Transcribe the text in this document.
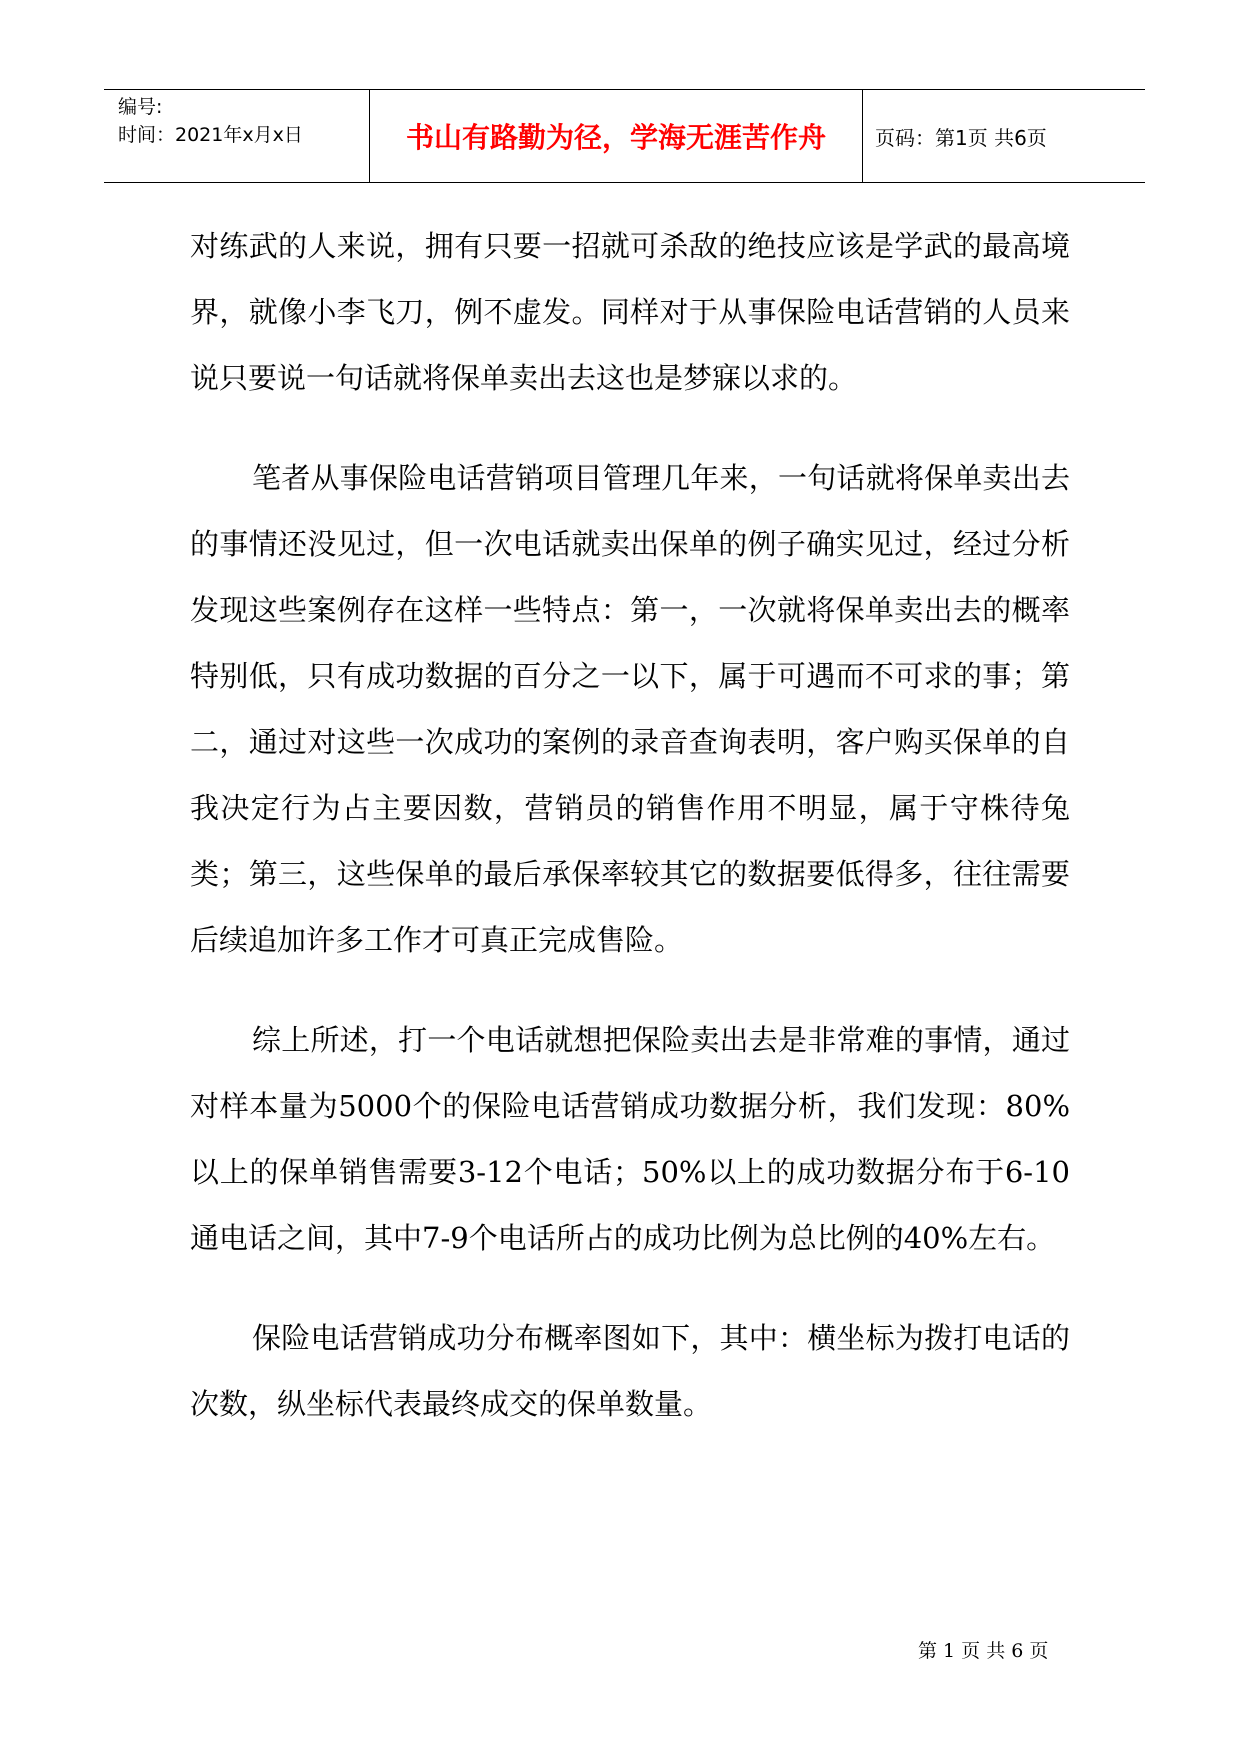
编号:
时间：2021年x月x日	书山有路勤为径，学海无涯苦作舟	页码：第1页 共6页

对练武的人来说，拥有只要一招就可杀敌的绝技应该是学武的最高境界，就像小李飞刀，例不虚发。同样对于从事保险电话营销的人员来说只要说一句话就将保单卖出去这也是梦寐以求的。

笔者从事保险电话营销项目管理几年来，一句话就将保单卖出去的事情还没见过，但一次电话就卖出保单的例子确实见过，经过分析发现这些案例存在这样一些特点：第一，一次就将保单卖出去的概率特别低，只有成功数据的百分之一以下，属于可遇而不可求的事；第二，通过对这些一次成功的案例的录音查询表明，客户购买保单的自我决定行为占主要因数，营销员的销售作用不明显，属于守株待兔类；第三，这些保单的最后承保率较其它的数据要低得多，往往需要后续追加许多工作才可真正完成售险。

综上所述，打一个电话就想把保险卖出去是非常难的事情，通过对样本量为5000个的保险电话营销成功数据分析，我们发现：80%以上的保单销售需要3-12个电话；50%以上的成功数据分布于6-10通电话之间，其中7-9个电话所占的成功比例为总比例的40%左右。

保险电话营销成功分布概率图如下，其中：横坐标为拨打电话的次数，纵坐标代表最终成交的保单数量。

第 1 页 共 6 页
